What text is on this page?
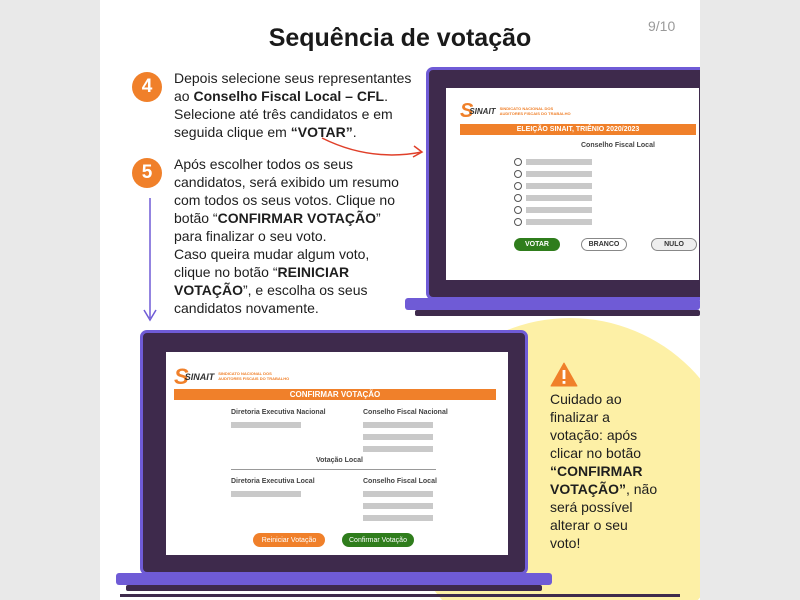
9/10
Sequência de votação
4	Depois selecione seus representantes
ao Conselho Fiscal Local – CFL.
Selecione até três candidatos e em
seguida clique em “VOTAR”.
5	Após escolher todos os seus
candidatos, será exibido um resumo
com todos os seus votos. Clique no
botão “CONFIRMAR VOTAÇÃO”
para finalizar o seu voto.
Caso queira mudar algum voto,
clique no botão “REINICIAR
VOTAÇÃO”, e escolha os seus
candidatos novamente.
S
SINAIT SINDICATO NACIONAL DOS
AUDITORES FISCAIS DO TRABALHO
ELEIÇÃO SINAIT, TRIÊNIO 2020/2023
Conselho Fiscal Local
VOTAR	BRANCO	NULO
S
SINAIT SINDICATO NACIONAL DOS
AUDITORES FISCAIS DO TRABALHO
CONFIRMAR VOTAÇÃO
Diretoria Executiva Nacional	Conselho Fiscal Nacional
Votação Local
Diretoria Executiva Local	Conselho Fiscal Local
Reiniciar Votação	Confirmar Votação
Cuidado ao
finalizar a
votação: após
clicar no botão
“CONFIRMAR
VOTAÇÃO”, não
será possível
alterar o seu
voto!
